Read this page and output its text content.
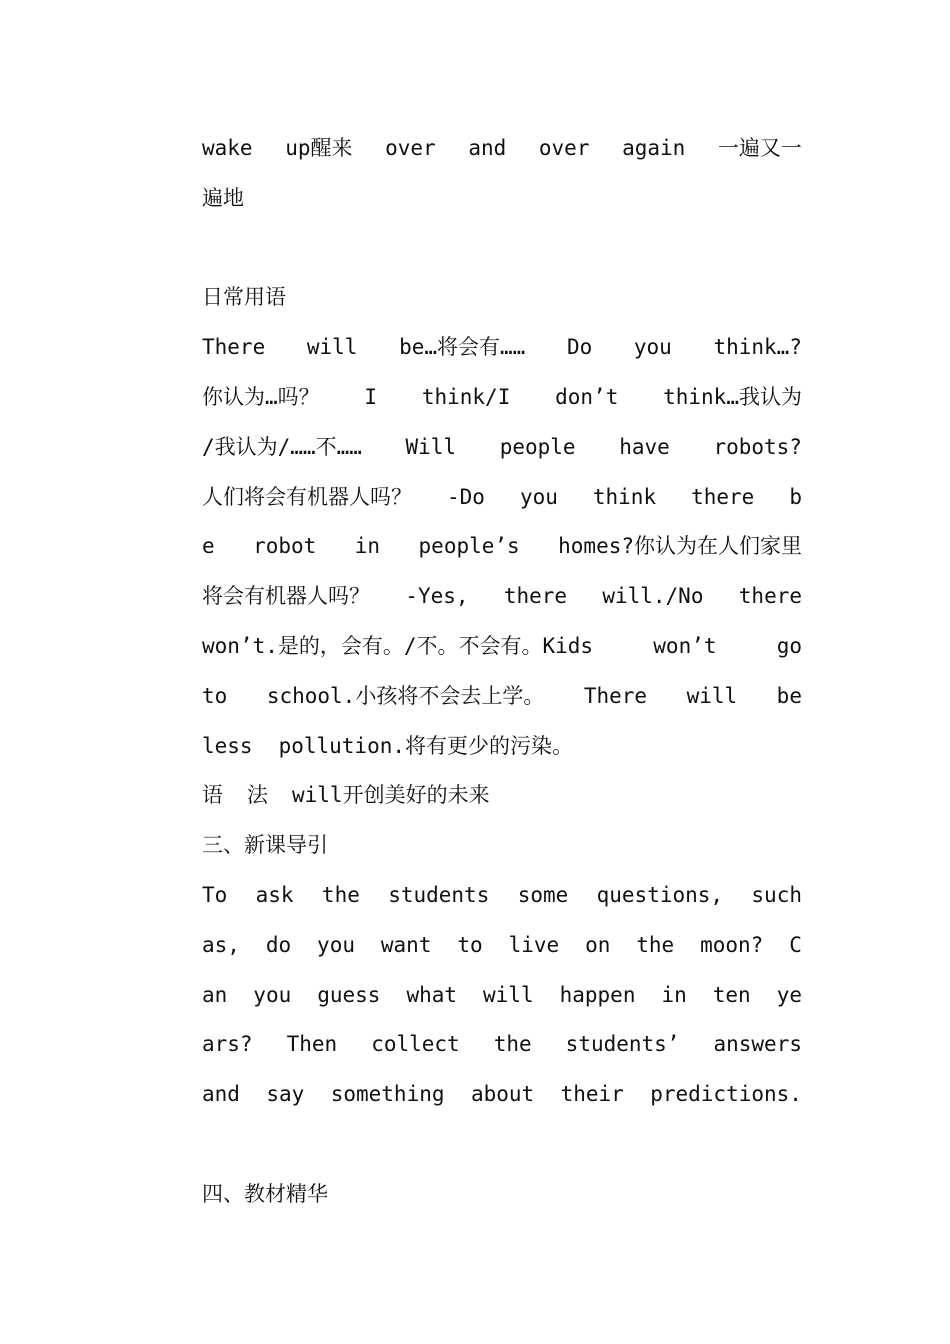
wake up醒来 over and over again 一遍又一
遍地
日常用语
There will be…将会有…… Do you think…?
你认为…吗？ I think/I don’t think…我认为
/我认为/……不…… Will people have robots?
人们将会有机器人吗？ -Do you think there b
e robot in people’s homes?你认为在人们家里
将会有机器人吗？ -Yes, there will./No there
won’t.是的，会有。/不。不会有。Kids	won’t	go
to school.小孩将不会去上学。 There will be
less pollution.将有更少的污染。
语 法 will开创美好的未来
三、新课导引
To ask the students some questions, such
as, do you want to live on the moon? C
an you guess what will happen in ten ye
ars? Then collect the students’ answers
and say something about their predictions.
四、教材精华
